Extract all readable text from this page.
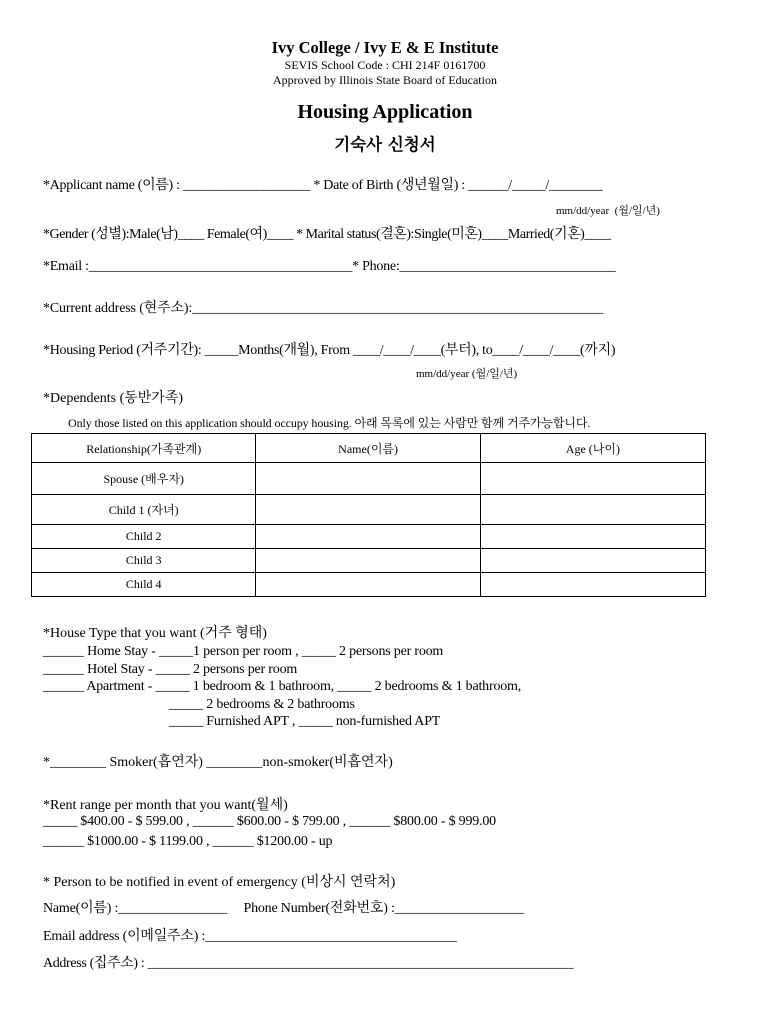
Ivy College / Ivy E & E Institute
SEVIS School Code : CHI 214F 0161700
Approved by Illinois State Board of Education
Housing Application
기숙사 신청서
*Applicant name (이름) : ___________________ * Date of Birth (생년월일) : ______/_____/________
mm/dd/year  (월/일/년)
*Gender (성별):Male(남)____ Female(여)____ * Marital status(결혼):Single(미혼)____Married(기혼)____
*Email :_______________________________________* Phone:________________________________
*Current address (현주소):____________________________________________________________
*Housing Period (거주기간): _____Months(개월), From ____/____/____(부터), to____/____/____(까지)
mm/dd/year (월/일/년)
*Dependents (동반가족)
Only those listed on this application should occupy housing. 아래 목록에 있는 사람만 함께 거주가능합니다.
Relationship(가족관계)	Name(이름)	Age (나이)
Spouse (배우자)		
Child 1 (자녀)		
Child 2		
Child 3		
Child 4		
*House Type that you want (거주 형태)
______ Home Stay - _____1 person per room , _____ 2 persons per room
______ Hotel Stay - _____ 2 persons per room
______ Apartment - _____ 1 bedroom & 1 bathroom, _____ 2 bedrooms & 1 bathroom,
_____ 2 bedrooms & 2 bathrooms
_____ Furnished APT , _____ non-furnished APT
*________ Smoker(흡연자) ________non-smoker(비흡연자)
*Rent range per month that you want(월세)
_____ $400.00 - $ 599.00 , ______ $600.00 - $ 799.00 , ______ $800.00 - $ 999.00
______ $1000.00 - $ 1199.00 , ______ $1200.00 - up
* Person to be notified in event of emergency (비상시 연락처)
Name(이름) :________________     Phone Number(전화번호) :___________________
Email address (이메일주소) :_____________________________________
Address (집주소) : ________________________________________________________________
